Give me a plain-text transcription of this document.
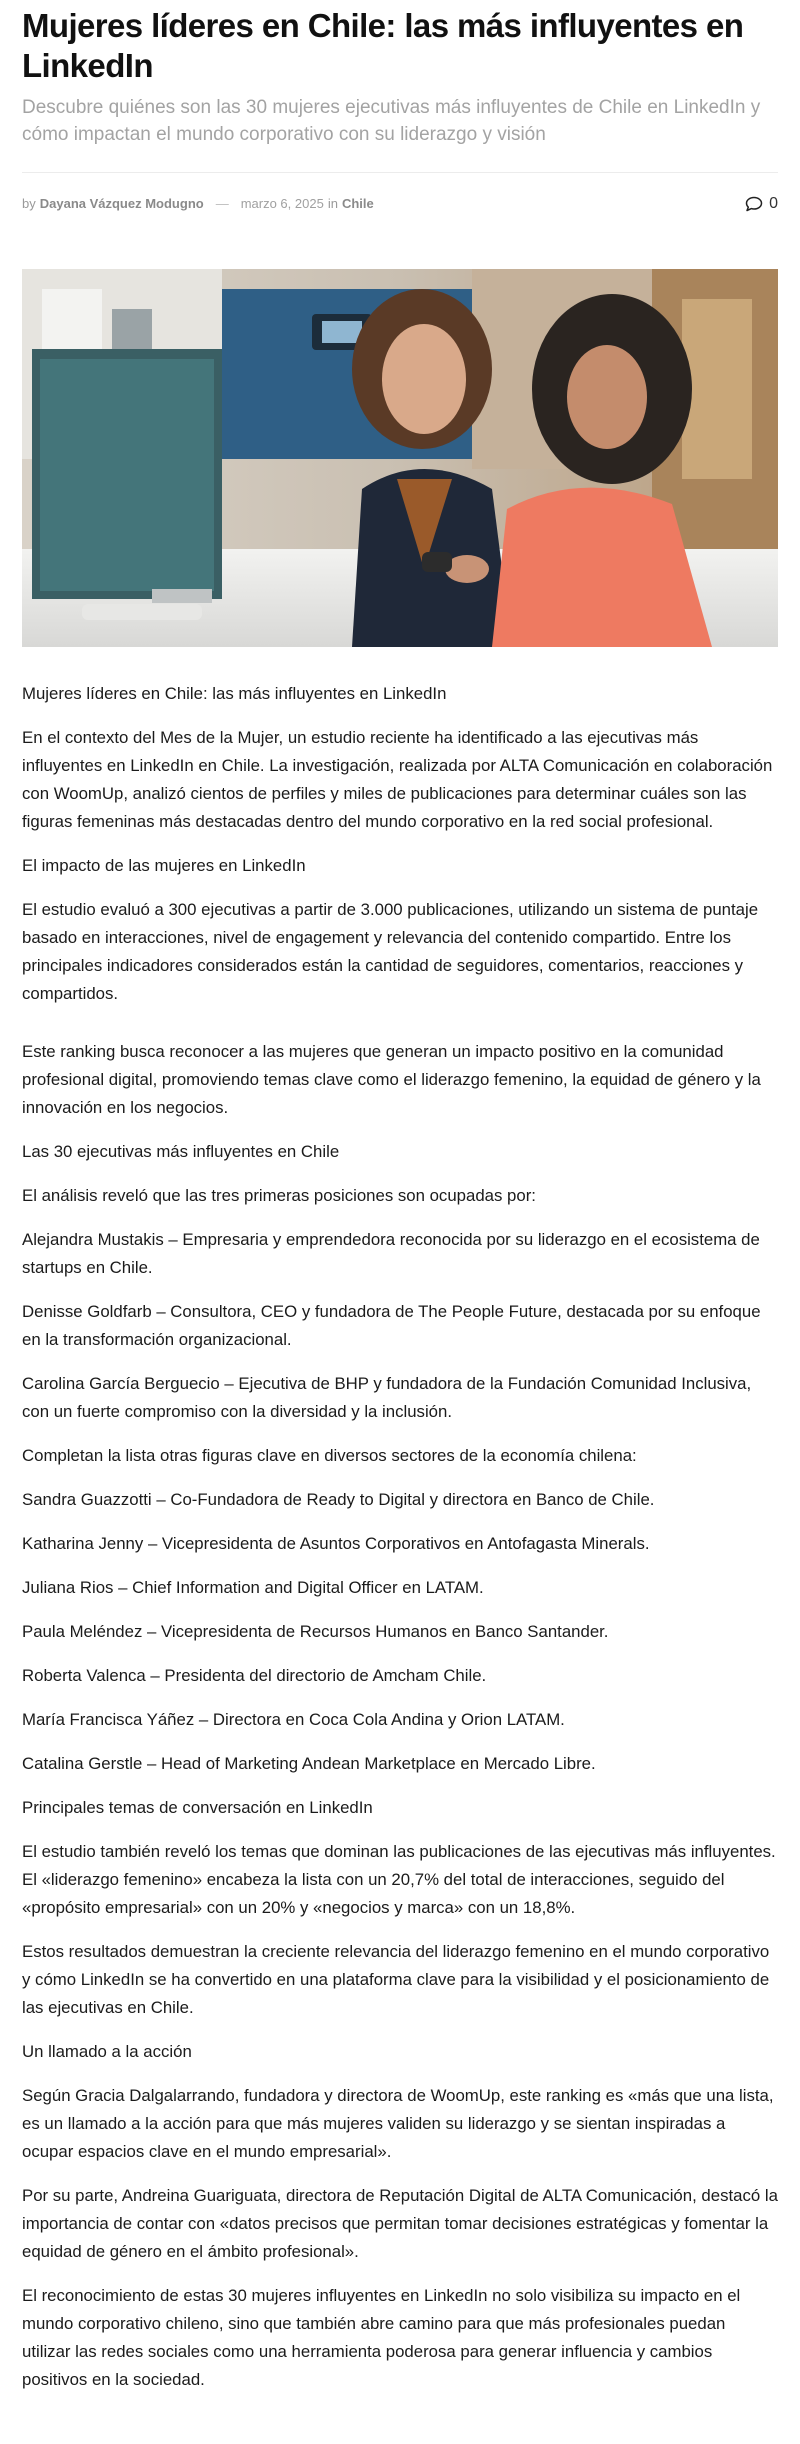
Mujeres líderes en Chile: las más influyentes en LinkedIn

Descubre quiénes son las 30 mujeres ejecutivas más influyentes de Chile en LinkedIn y cómo impactan el mundo corporativo con su liderazgo y visión

by Dayana Vázquez Modugno — marzo 6, 2025 in Chile	0

Mujeres líderes en Chile: las más influyentes en LinkedIn

En el contexto del Mes de la Mujer, un estudio reciente ha identificado a las ejecutivas más influyentes en LinkedIn en Chile. La investigación, realizada por ALTA Comunicación en colaboración con WoomUp, analizó cientos de perfiles y miles de publicaciones para determinar cuáles son las figuras femeninas más destacadas dentro del mundo corporativo en la red social profesional.

El impacto de las mujeres en LinkedIn

El estudio evaluó a 300 ejecutivas a partir de 3.000 publicaciones, utilizando un sistema de puntaje basado en interacciones, nivel de engagement y relevancia del contenido compartido. Entre los principales indicadores considerados están la cantidad de seguidores, comentarios, reacciones y compartidos.

Este ranking busca reconocer a las mujeres que generan un impacto positivo en la comunidad profesional digital, promoviendo temas clave como el liderazgo femenino, la equidad de género y la innovación en los negocios.

Las 30 ejecutivas más influyentes en Chile

El análisis reveló que las tres primeras posiciones son ocupadas por:

Alejandra Mustakis – Empresaria y emprendedora reconocida por su liderazgo en el ecosistema de startups en Chile.

Denisse Goldfarb – Consultora, CEO y fundadora de The People Future, destacada por su enfoque en la transformación organizacional.

Carolina García Berguecio – Ejecutiva de BHP y fundadora de la Fundación Comunidad Inclusiva, con un fuerte compromiso con la diversidad y la inclusión.

Completan la lista otras figuras clave en diversos sectores de la economía chilena:

Sandra Guazzotti – Co-Fundadora de Ready to Digital y directora en Banco de Chile.

Katharina Jenny – Vicepresidenta de Asuntos Corporativos en Antofagasta Minerals.

Juliana Rios – Chief Information and Digital Officer en LATAM.

Paula Meléndez – Vicepresidenta de Recursos Humanos en Banco Santander.

Roberta Valenca – Presidenta del directorio de Amcham Chile.

María Francisca Yáñez – Directora en Coca Cola Andina y Orion LATAM.

Catalina Gerstle – Head of Marketing Andean Marketplace en Mercado Libre.

Principales temas de conversación en LinkedIn

El estudio también reveló los temas que dominan las publicaciones de las ejecutivas más influyentes. El «liderazgo femenino» encabeza la lista con un 20,7% del total de interacciones, seguido del «propósito empresarial» con un 20% y «negocios y marca» con un 18,8%.

Estos resultados demuestran la creciente relevancia del liderazgo femenino en el mundo corporativo y cómo LinkedIn se ha convertido en una plataforma clave para la visibilidad y el posicionamiento de las ejecutivas en Chile.

Un llamado a la acción

Según Gracia Dalgalarrando, fundadora y directora de WoomUp, este ranking es «más que una lista, es un llamado a la acción para que más mujeres validen su liderazgo y se sientan inspiradas a ocupar espacios clave en el mundo empresarial».

Por su parte, Andreina Guariguata, directora de Reputación Digital de ALTA Comunicación, destacó la importancia de contar con «datos precisos que permitan tomar decisiones estratégicas y fomentar la equidad de género en el ámbito profesional».

El reconocimiento de estas 30 mujeres influyentes en LinkedIn no solo visibiliza su impacto en el mundo corporativo chileno, sino que también abre camino para que más profesionales puedan utilizar las redes sociales como una herramienta poderosa para generar influencia y cambios positivos en la sociedad.
